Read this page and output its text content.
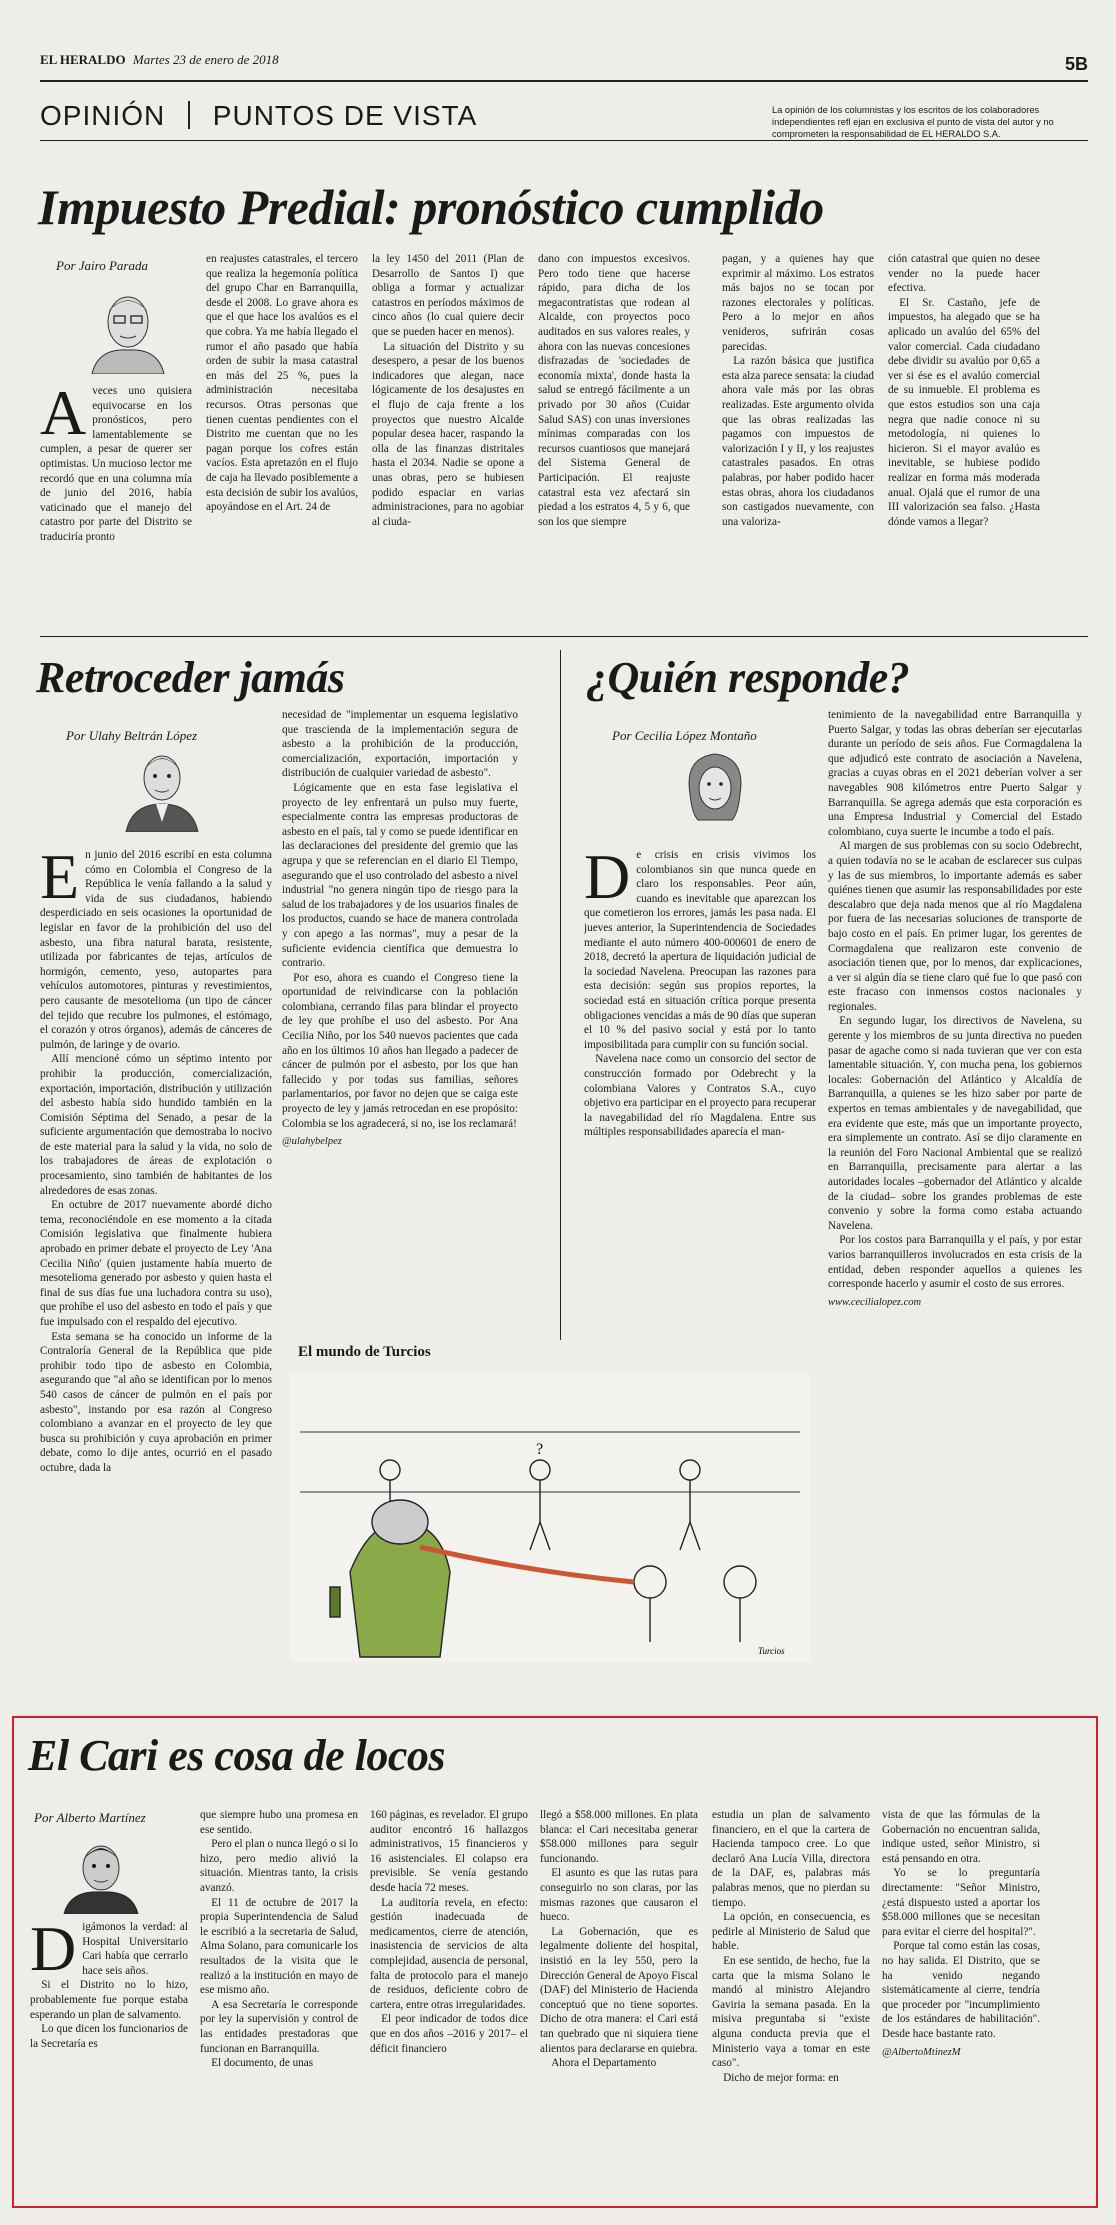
EL HERALDO Martes 23 de enero de 2018	5B
OPINIÓN PUNTOS DE VISTA	La opinión de los columnistas y los escritos de los colaboradores independientes refl ejan en exclusiva el punto de vista del autor y no comprometen la responsabilidad de EL HERALDO S.A.
Impuesto Predial: pronóstico cumplido
Por Jairo Parada
A veces uno quisiera equivocarse en los pronósticos, pero lamentablemente se cumplen, a pesar de querer ser optimistas. Un mucioso lector me recordó que en una columna mía de junio del 2016, había vaticinado que el manejo del catastro por parte del Distrito se traduciría pronto
en reajustes catastrales, el tercero que realiza la hegemonía política del grupo Char en Barranquilla, desde el 2008. Lo grave ahora es que el que hace los avalúos es el que cobra. Ya me había llegado el rumor el año pasado que había orden de subir la masa catastral en más del 25 %, pues la administración necesitaba recursos. Otras personas que tienen cuentas pendientes con el Distrito me cuentan que no les pagan porque los cofres están vacíos. Esta apretazón en el flujo de caja ha llevado posiblemente a esta decisión de subir los avalúos, apoyándose en el Art. 24 de
la ley 1450 del 2011 (Plan de Desarrollo de Santos I) que obliga a formar y actualizar catastros en períodos máximos de cinco años (lo cual quiere decir que se pueden hacer en menos).
 La situación del Distrito y su desespero, a pesar de los buenos indicadores que alegan, nace lógicamente de los desajustes en el flujo de caja frente a los proyectos que nuestro Alcalde popular desea hacer, raspando la olla de las finanzas distritales hasta el 2034. Nadie se opone a unas obras, pero se hubiesen podido espaciar en varias administraciones, para no agobiar al ciuda-
dano con impuestos excesivos. Pero todo tiene que hacerse rápido, para dicha de los megacontratistas que rodean al Alcalde, con proyectos poco auditados en sus valores reales, y ahora con las nuevas concesiones disfrazadas de 'sociedades de economía mixta', donde hasta la salud se entregó fácilmente a un privado por 30 años (Cuidar Salud SAS) con unas inversiones mínimas comparadas con los recursos cuantiosos que manejará del Sistema General de Participación. El reajuste catastral esta vez afectará sin piedad a los estratos 4, 5 y 6, que son los que siempre
pagan, y a quienes hay que exprimir al máximo. Los estratos más bajos no se tocan por razones electorales y políticas. Pero a lo mejor en años venideros, sufrirán cosas parecidas.
 La razón básica que justifica esta alza parece sensata: la ciudad ahora vale más por las obras realizadas. Este argumento olvida que las obras realizadas las pagamos con impuestos de valorización I y II, y los reajustes catastrales pasados. En otras palabras, por haber podido hacer estas obras, ahora los ciudadanos son castigados nuevamente, con una valoriza-
ción catastral que quien no desee vender no la puede hacer efectiva.
 El Sr. Castaño, jefe de impuestos, ha alegado que se ha aplicado un avalúo del 65% del valor comercial. Cada ciudadano debe dividir su avalúo por 0,65 a ver si ése es el avalúo comercial de su inmueble. El problema es que estos estudios son una caja negra que nadie conoce ni su metodología, ni quienes lo hicieron. Si el mayor avalúo es inevitable, se hubiese podido realizar en forma más moderada anual. Ojalá que el rumor de una III valorización sea falso. ¿Hasta dónde vamos a llegar?
Retroceder jamás
Por Ulahy Beltrán López
E n junio del 2016 escribí en esta columna cómo en Colombia el Congreso de la República le venía fallando a la salud y vida de sus ciudadanos, habiendo desperdiciado en seis ocasiones la oportunidad de legislar en favor de la prohibición del uso del asbesto, una fibra natural barata, resistente, utilizada por fabricantes de tejas, artículos de hormigón, cemento, yeso, autopartes para vehículos automotores, pinturas y revestimientos, pero causante de mesotelioma (un tipo de cáncer del tejido que recubre los pulmones, el estómago, el corazón y otros órganos), además de cánceres de pulmón, de laringe y de ovario.
 Allí mencioné cómo un séptimo intento por prohibir la producción, comercialización, exportación, importación, distribución y utilización del asbesto había sido hundido también en la Comisión Séptima del Senado, a pesar de la suficiente argumentación que demostraba lo nocivo de este material para la salud y la vida, no solo de los trabajadores de áreas de explotación o procesamiento, sino también de habitantes de los alrededores de esas zonas.
 En octubre de 2017 nuevamente abordé dicho tema, reconociéndole en ese momento a la citada Comisión legislativa que finalmente hubiera aprobado en primer debate el proyecto de Ley 'Ana Cecilia Niño' (quien justamente había muerto de mesotelioma generado por asbesto y quien hasta el final de sus días fue una luchadora contra su uso), que prohíbe el uso del asbesto en todo el país y que fue impulsado con el respaldo del ejecutivo.
 Esta semana se ha conocido un informe de la Contraloría General de la República que pide prohibir todo tipo de asbesto en Colombia, asegurando que "al año se identifican por lo menos 540 casos de cáncer de pulmón en el país por asbesto", instando por esa razón al Congreso colombiano a avanzar en el proyecto de ley que busca su prohibición y cuya aprobación en primer debate, como lo dije antes, ocurrió en el pasado octubre, dada la
necesidad de "implementar un esquema legislativo que trascienda de la implementación segura de asbesto a la prohibición de la producción, comercialización, exportación, importación y distribución de cualquier variedad de asbesto".
 Lógicamente que en esta fase legislativa el proyecto de ley enfrentará un pulso muy fuerte, especialmente contra las empresas productoras de asbesto en el país, tal y como se puede identificar en las declaraciones del presidente del gremio que las agrupa y que se referencian en el diario El Tiempo, asegurando que el uso controlado del asbesto a nivel industrial "no genera ningún tipo de riesgo para la salud de los trabajadores y de los usuarios finales de los productos, cuando se hace de manera controlada y con apego a las normas", muy a pesar de la suficiente evidencia científica que demuestra lo contrario.
 Por eso, ahora es cuando el Congreso tiene la oportunidad de reivindicarse con la población colombiana, cerrando filas para blindar el proyecto de ley que prohíbe el uso del asbesto. Por Ana Cecilia Niño, por los 540 nuevos pacientes que cada año en los últimos 10 años han llegado a padecer de cáncer de pulmón por el asbesto, por los que han fallecido y por todas sus familias, señores parlamentarios, por favor no dejen que se caiga este proyecto de ley y jamás retrocedan en ese propósito: Colombia se los agradecerá, si no, ise los reclamará!
@ulahybelpez
¿Quién responde?
Por Cecilia López Montaño
D e crisis en crisis vivimos los colombianos sin que nunca quede en claro los responsables. Peor aún, cuando es inevitable que aparezcan los que cometieron los errores, jamás les pasa nada. El jueves anterior, la Superintendencia de Sociedades mediante el auto número 400-000601 de enero de 2018, decretó la apertura de liquidación judicial de la sociedad Navelena. Preocupan las razones para esta decisión: según sus propios reportes, la sociedad está en situación crítica porque presenta obligaciones vencidas a más de 90 días que superan el 10 % del pasivo social y está por lo tanto imposibilitada para cumplir con su función social.
 Navelena nace como un consorcio del sector de construcción formado por Odebrecht y la colombiana Valores y Contratos S.A., cuyo objetivo era participar en el proyecto para recuperar la navegabilidad del río Magdalena. Entre sus múltiples responsabilidades aparecía el man-
tenimiento de la navegabilidad entre Barranquilla y Puerto Salgar, y todas las obras deberían ser ejecutarlas durante un período de seis años. Fue Cormagdalena la que adjudicó este contrato de asociación a Navelena, gracias a cuyas obras en el 2021 deberían volver a ser navegables 908 kilómetros entre Puerto Salgar y Barranquilla. Se agrega además que esta corporación es una Empresa Industrial y Comercial del Estado colombiano, cuya suerte le incumbe a todo el país.
 Al margen de sus problemas con su socio Odebrecht, a quien todavía no se le acaban de esclarecer sus culpas y las de sus miembros, lo importante además es saber quiénes tienen que asumir las responsabilidades por este descalabro que deja nada menos que al río Magdalena por fuera de las necesarias soluciones de transporte de bajo costo en el país. En primer lugar, los gerentes de Cormagdalena que realizaron este convenio de asociación tienen que, por lo menos, dar explicaciones, a ver si algún día se tiene claro qué fue lo que pasó con este fracaso con inmensos costos nacionales y regionales.
 En segundo lugar, los directivos de Navelena, su gerente y los miembros de su junta directiva no pueden pasar de agache como si nada tuvieran que ver con esta lamentable situación. Y, con mucha pena, los gobiernos locales: Gobernación del Atlántico y Alcaldía de Barranquilla, a quienes se les hizo saber por parte de expertos en temas ambientales y de navegabilidad, que era evidente que este, más que un importante proyecto, era simplemente un contrato. Así se dijo claramente en la reunión del Foro Nacional Ambiental que se realizó en Barranquilla, precisamente para alertar a las autoridades locales –gobernador del Atlántico y alcalde de la ciudad– sobre los grandes problemas de este convenio y sobre la forma como estaba actuando Navelena.
 Por los costos para Barranquilla y el país, y por estar varios barranquilleros involucrados en esta crisis de la entidad, deben responder aquellos a quienes les corresponde hacerlo y asumir el costo de sus errores.
www.cecilialopez.com
El mundo de Turcios
?
Turcios
El Cari es cosa de locos
Por Alberto Martínez
D igámonos la verdad: al Hospital Universitario Cari había que cerrarlo hace seis años.
 Si el Distrito no lo hizo, probablemente fue porque estaba esperando un plan de salvamento.
 Lo que dicen los funcionarios de la Secretaría es
que siempre hubo una promesa en ese sentido.
 Pero el plan o nunca llegó o si lo hizo, pero medio alivió la situación. Mientras tanto, la crisis avanzó.
 El 11 de octubre de 2017 la propia Superintendencia de Salud le escribió a la secretaria de Salud, Alma Solano, para comunicarle los resultados de la visita que le realizó a la institución en mayo de ese mismo año.
 A esa Secretaría le corresponde por ley la supervisión y control de las entidades prestadoras que funcionan en Barranquilla.
 El documento, de unas
160 páginas, es revelador. El grupo auditor encontró 16 hallazgos administrativos, 15 financieros y 16 asistenciales. El colapso era previsible. Se venía gestando desde hacía 72 meses.
 La auditoría revela, en efecto: gestión inadecuada de medicamentos, cierre de atención, inasistencia de servicios de alta complejidad, ausencia de personal, falta de protocolo para el manejo de residuos, deficiente cobro de cartera, entre otras irregularidades.
 El peor indicador de todos dice que en dos años –2016 y 2017– el déficit financiero
llegó a $58.000 millones. En plata blanca: el Cari necesitaba generar $58.000 millones para seguir funcionando.
 El asunto es que las rutas para conseguirlo no son claras, por las mismas razones que causaron el hueco.
 La Gobernación, que es legalmente doliente del hospital, insistió en la ley 550, pero la Dirección General de Apoyo Fiscal (DAF) del Ministerio de Hacienda conceptuó que no tiene soportes. Dicho de otra manera: el Cari está tan quebrado que ni siquiera tiene alientos para declararse en quiebra.
 Ahora el Departamento
estudia un plan de salvamento financiero, en el que la cartera de Hacienda tampoco cree. Lo que declaró Ana Lucía Villa, directora de la DAF, es, palabras más palabras menos, que no pierdan su tiempo.
 La opción, en consecuencia, es pedirle al Ministerio de Salud que hable.
 En ese sentido, de hecho, fue la carta que la misma Solano le mandó al ministro Alejandro Gaviria la semana pasada. En la misiva preguntaba si "existe alguna conducta previa que el Ministerio vaya a tomar en este caso".
 Dicho de mejor forma: en
vista de que las fórmulas de la Gobernación no encuentran salida, indique usted, señor Ministro, si está pensando en otra.
 Yo se lo preguntaría directamente: "Señor Ministro, ¿está dispuesto usted a aportar los $58.000 millones que se necesitan para evitar el cierre del hospital?".
 Porque tal como están las cosas, no hay salida. El Distrito, que se ha venido negando sistemáticamente al cierre, tendría que proceder por "incumplimiento de los estándares de habilitación". Desde hace bastante rato.
@AlbertoMtinezM
